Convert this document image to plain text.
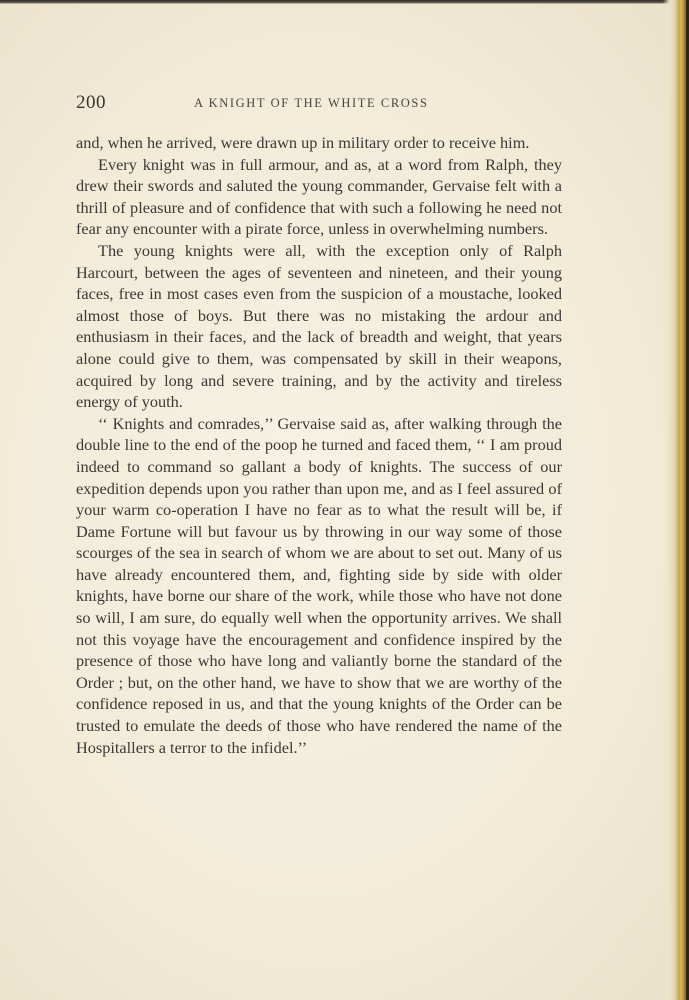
200	A KNIGHT OF THE WHITE CROSS

and, when he arrived, were drawn up in military order to receive him.

Every knight was in full armour, and as, at a word from Ralph, they drew their swords and saluted the young commander, Gervaise felt with a thrill of pleasure and of confidence that with such a following he need not fear any encounter with a pirate force, unless in overwhelming numbers.

The young knights were all, with the exception only of Ralph Harcourt, between the ages of seventeen and nineteen, and their young faces, free in most cases even from the suspicion of a moustache, looked almost those of boys. But there was no mistaking the ardour and enthusiasm in their faces, and the lack of breadth and weight, that years alone could give to them, was compensated by skill in their weapons, acquired by long and severe training, and by the activity and tireless energy of youth.

‘‘ Knights and comrades,’’ Gervaise said as, after walking through the double line to the end of the poop he turned and faced them, ‘‘ I am proud indeed to command so gallant a body of knights. The success of our expedition depends upon you rather than upon me, and as I feel assured of your warm co-operation I have no fear as to what the result will be, if Dame Fortune will but favour us by throwing in our way some of those scourges of the sea in search of whom we are about to set out. Many of us have already encountered them, and, fighting side by side with older knights, have borne our share of the work, while those who have not done so will, I am sure, do equally well when the opportunity arrives. We shall not this voyage have the encouragement and confidence inspired by the presence of those who have long and valiantly borne the standard of the Order ; but, on the other hand, we have to show that we are worthy of the confidence reposed in us, and that the young knights of the Order can be trusted to emulate the deeds of those who have rendered the name of the Hospitallers a terror to the infidel.’’
